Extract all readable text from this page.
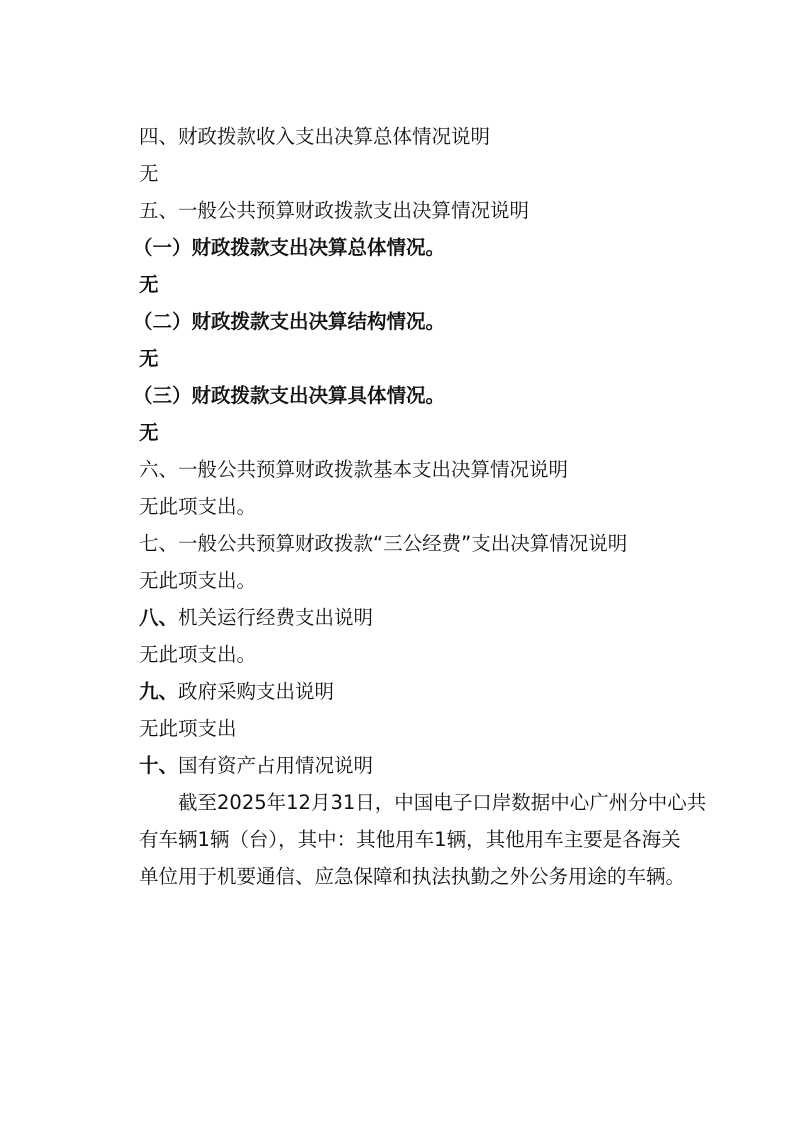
四、财政拨款收入支出决算总体情况说明
无
五、一般公共预算财政拨款支出决算情况说明
（一）财政拨款支出决算总体情况。
无
（二）财政拨款支出决算结构情况。
无
（三）财政拨款支出决算具体情况。
无
六、一般公共预算财政拨款基本支出决算情况说明
无此项支出。
七、一般公共预算财政拨款“三公经费”支出决算情况说明
无此项支出。
八、机关运行经费支出说明
无此项支出。
九、政府采购支出说明
无此项支出
十、国有资产占用情况说明
　　截至2025年12月31日，中国电子口岸数据中心广州分中心共
有车辆1辆（台），其中：其他用车1辆，其他用车主要是各海关
单位用于机要通信、应急保障和执法执勤之外公务用途的车辆。
